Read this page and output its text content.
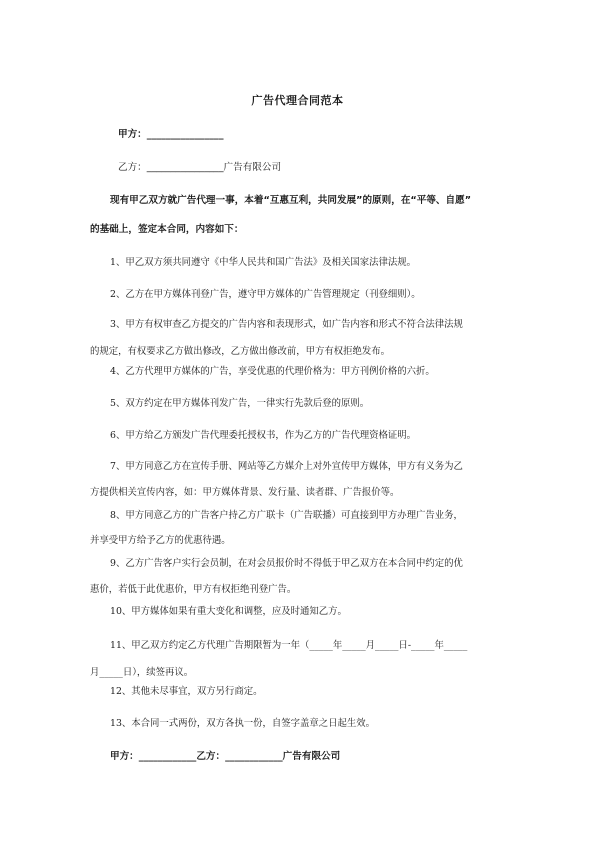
广告代理合同范本
甲方：________________
乙方：________________广告有限公司
现有甲乙双方就广告代理一事，本着“互惠互利，共同发展”的原则，在“平等、自愿”
的基础上，签定本合同，内容如下：
1、甲乙双方须共同遵守《中华人民共和国广告法》及相关国家法律法规。
2、乙方在甲方媒体刊登广告，遵守甲方媒体的广告管理规定（刊登细则）。
3、甲方有权审查乙方提交的广告内容和表现形式，如广告内容和形式不符合法律法规
的规定，有权要求乙方做出修改，乙方做出修改前，甲方有权拒绝发布。
4、乙方代理甲方媒体的广告，享受优惠的代理价格为：甲方刊例价格的六折。
5、双方约定在甲方媒体刊发广告，一律实行先款后登的原则。
6、甲方给乙方颁发广告代理委托授权书，作为乙方的广告代理资格证明。
7、甲方同意乙方在宣传手册、网站等乙方媒介上对外宣传甲方媒体，甲方有义务为乙
方提供相关宣传内容，如：甲方媒体背景、发行量、读者群、广告报价等。
8、甲方同意乙方的广告客户持乙方广联卡（广告联播）可直接到甲方办理广告业务，
并享受甲方给予乙方的优惠待遇。
9、乙方广告客户实行会员制，在对会员报价时不得低于甲乙双方在本合同中约定的优
惠价，若低于此优惠价，甲方有权拒绝刊登广告。
10、甲方媒体如果有重大变化和调整，应及时通知乙方。
11、甲乙双方约定乙方代理广告期限暂为一年（_____年_____月_____日-_____年_____
月_____日），续签再议。
12、其他未尽事宜，双方另行商定。
13、本合同一式两份，双方各执一份，自签字盖章之日起生效。
甲方：____________乙方：____________广告有限公司
